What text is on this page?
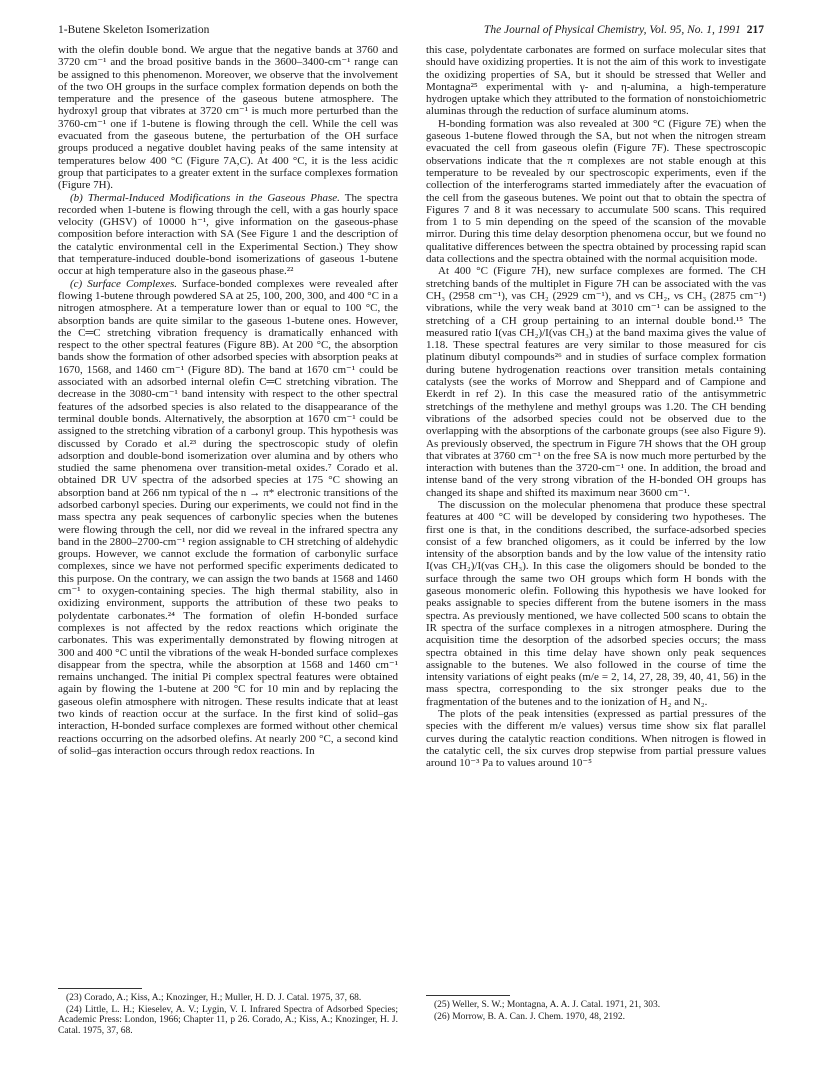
1-Butene Skeleton Isomerization	The Journal of Physical Chemistry, Vol. 95, No. 1, 1991 217

with the olefin double bond. We argue that the negative bands at 3760 and 3720 cm⁻¹ and the broad positive bands in the 3600–3400-cm⁻¹ range can be assigned to this phenomenon. Moreover, we observe that the involvement of the two OH groups in the surface complex formation depends on both the temperature and the presence of the gaseous butene atmosphere. The hydroxyl group that vibrates at 3720 cm⁻¹ is much more perturbed than the 3760-cm⁻¹ one if 1-butene is flowing through the cell. While the cell was evacuated from the gaseous butene, the perturbation of the OH surface groups produced a negative doublet having peaks of the same intensity at temperatures below 400 °C (Figure 7A,C). At 400 °C, it is the less acidic group that participates to a greater extent in the surface complexes formation (Figure 7H).

(b) Thermal-Induced Modifications in the Gaseous Phase. The spectra recorded when 1-butene is flowing through the cell, with a gas hourly space velocity (GHSV) of 10000 h⁻¹, give information on the gaseous-phase composition before interaction with SA (See Figure 1 and the description of the catalytic environmental cell in the Experimental Section.) They show that temperature-induced double-bond isomerizations of gaseous 1-butene occur at high temperature also in the gaseous phase.²²

(c) Surface Complexes. Surface-bonded complexes were revealed after flowing 1-butene through powdered SA at 25, 100, 200, 300, and 400 °C in a nitrogen atmosphere. At a temperature lower than or equal to 100 °C, the absorption bands are quite similar to the gaseous 1-butene ones. However, the C═C stretching vibration frequency is dramatically enhanced with respect to the other spectral features (Figure 8B). At 200 °C, the absorption bands show the formation of other adsorbed species with absorption peaks at 1670, 1568, and 1460 cm⁻¹ (Figure 8D). The band at 1670 cm⁻¹ could be associated with an adsorbed internal olefin C═C stretching vibration. The decrease in the 3080-cm⁻¹ band intensity with respect to the other spectral features of the adsorbed species is also related to the disappearance of the terminal double bonds. Alternatively, the absorption at 1670 cm⁻¹ could be assigned to the stretching vibration of a carbonyl group. This hypothesis was discussed by Corado et al.²³ during the spectroscopic study of olefin adsorption and double-bond isomerization over alumina and by others who studied the same phenomena over transition-metal oxides.⁷ Corado et al. obtained DR UV spectra of the adsorbed species at 175 °C showing an absorption band at 266 nm typical of the n → π* electronic transitions of the adsorbed carbonyl species. During our experiments, we could not find in the mass spectra any peak sequences of carbonylic species when the butenes were flowing through the cell, nor did we reveal in the infrared spectra any band in the 2800–2700-cm⁻¹ region assignable to CH stretching of aldehydic groups. However, we cannot exclude the formation of carbonylic surface complexes, since we have not performed specific experiments dedicated to this purpose. On the contrary, we can assign the two bands at 1568 and 1460 cm⁻¹ to oxygen-containing species. The high thermal stability, also in oxidizing environment, supports the attribution of these two peaks to polydentate carbonates.²⁴ The formation of olefin H-bonded surface complexes is not affected by the redox reactions which originate the carbonates. This was experimentally demonstrated by flowing nitrogen at 300 and 400 °C until the vibrations of the weak H-bonded surface complexes disappear from the spectra, while the absorption at 1568 and 1460 cm⁻¹ remains unchanged. The initial Pi complex spectral features were obtained again by flowing the 1-butene at 200 °C for 10 min and by replacing the gaseous olefin atmosphere with nitrogen. These results indicate that at least two kinds of reaction occur at the surface. In the first kind of solid–gas interaction, H-bonded surface complexes are formed without other chemical reactions occurring on the adsorbed olefins. At nearly 200 °C, a second kind of solid–gas interaction occurs through redox reactions. In

this case, polydentate carbonates are formed on surface molecular sites that should have oxidizing properties. It is not the aim of this work to investigate the oxidizing properties of SA, but it should be stressed that Weller and Montagna²⁵ experimental with γ- and η-alumina, a high-temperature hydrogen uptake which they attributed to the formation of nonstoichiometric aluminas through the reduction of surface aluminum atoms.

H-bonding formation was also revealed at 300 °C (Figure 7E) when the gaseous 1-butene flowed through the SA, but not when the nitrogen stream evacuated the cell from gaseous olefin (Figure 7F). These spectroscopic observations indicate that the π complexes are not stable enough at this temperature to be revealed by our spectroscopic experiments, even if the collection of the interferograms started immediately after the evacuation of the cell from the gaseous butenes. We point out that to obtain the spectra of Figures 7 and 8 it was necessary to accumulate 500 scans. This required from 1 to 5 min depending on the speed of the scansion of the movable mirror. During this time delay desorption phenomena occur, but we found no qualitative differences between the spectra obtained by processing rapid scan data collections and the spectra obtained with the normal acquisition mode.

At 400 °C (Figure 7H), new surface complexes are formed. The CH stretching bands of the multiplet in Figure 7H can be associated with the νas CH₃ (2958 cm⁻¹), νas CH₂ (2929 cm⁻¹), and νs CH₂, νs CH₃ (2875 cm⁻¹) vibrations, while the very weak band at 3010 cm⁻¹ can be assigned to the stretching of a CH group pertaining to an internal double bond.¹⁵ The measured ratio I(νas CH₂)/I(νas CH₃) at the band maxima gives the value of 1.18. These spectral features are very similar to those measured for cis platinum dibutyl compounds²⁶ and in studies of surface complex formation during butene hydrogenation reactions over transition metals containing catalysts (see the works of Morrow and Sheppard and of Campione and Ekerdt in ref 2). In this case the measured ratio of the antisymmetric stretchings of the methylene and methyl groups was 1.20. The CH bending vibrations of the adsorbed species could not be observed due to the overlapping with the absorptions of the carbonate groups (see also Figure 9). As previously observed, the spectrum in Figure 7H shows that the OH group that vibrates at 3760 cm⁻¹ on the free SA is now much more perturbed by the interaction with butenes than the 3720-cm⁻¹ one. In addition, the broad and intense band of the very strong vibration of the H-bonded OH groups has changed its shape and shifted its maximum near 3600 cm⁻¹.

The discussion on the molecular phenomena that produce these spectral features at 400 °C will be developed by considering two hypotheses. The first one is that, in the conditions described, the surface-adsorbed species consist of a few branched oligomers, as it could be inferred by the low intensity of the absorption bands and by the low value of the intensity ratio I(νas CH₂)/I(νas CH₃). In this case the oligomers should be bonded to the surface through the same two OH groups which form H bonds with the gaseous monomeric olefin. Following this hypothesis we have looked for peaks assignable to species different from the butene isomers in the mass spectra. As previously mentioned, we have collected 500 scans to obtain the IR spectra of the surface complexes in a nitrogen atmosphere. During the acquisition time the desorption of the adsorbed species occurs; the mass spectra obtained in this time delay have shown only peak sequences assignable to the butenes. We also followed in the course of time the intensity variations of eight peaks (m/e = 2, 14, 27, 28, 39, 40, 41, 56) in the mass spectra, corresponding to the six stronger peaks due to the fragmentation of the butenes and to the ionization of H₂ and N₂.

The plots of the peak intensities (expressed as partial pressures of the species with the different m/e values) versus time show six flat parallel curves during the catalytic reaction conditions. When nitrogen is flowed in the catalytic cell, the six curves drop stepwise from partial pressure values around 10⁻³ Pa to values around 10⁻⁵

(23) Corado, A.; Kiss, A.; Knozinger, H.; Muller, H. D. J. Catal. 1975, 37, 68.

(24) Little, L. H.; Kieselev, A. V.; Lygin, V. I. Infrared Spectra of Adsorbed Species; Academic Press: London, 1966; Chapter 11, p 26. Corado, A.; Kiss, A.; Knozinger, H. J. Catal. 1975, 37, 68.

(25) Weller, S. W.; Montagna, A. A. J. Catal. 1971, 21, 303.

(26) Morrow, B. A. Can. J. Chem. 1970, 48, 2192.
